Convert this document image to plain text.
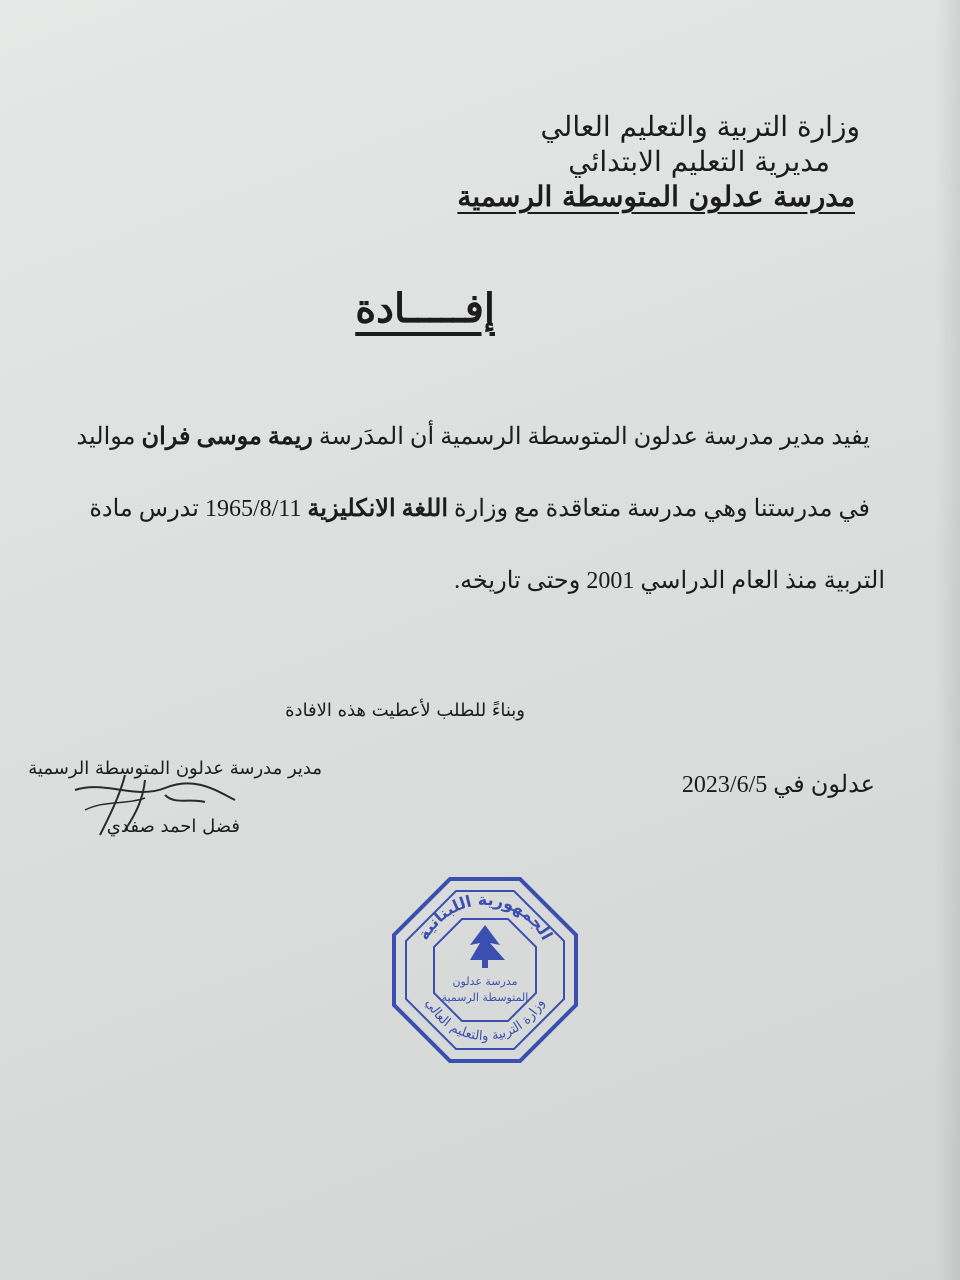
وزارة التربية والتعليم العالي

مديرية التعليم الابتدائي

مدرسة عدلون المتوسطة الرسمية

إفـــــادة

يفيد مدير مدرسة عدلون المتوسطة الرسمية أن المدَرسة ريمة موسى فران مواليد

في مدرستنا وهي مدرسة متعاقدة مع وزارة اللغة الانكليزية 1965/8/11 تدرس مادة

التربية منذ العام الدراسي 2001 وحتى تاريخه.

وبناءً للطلب لأعطيت هذه الافادة

مدير مدرسة عدلون المتوسطة الرسمية

عدلون في 2023/6/5

فضل احمد صفدي

الجمهورية اللبنانية
وزارة التربية والتعليم العالي
مدرسة عدلون
المتوسطة الرسمية
